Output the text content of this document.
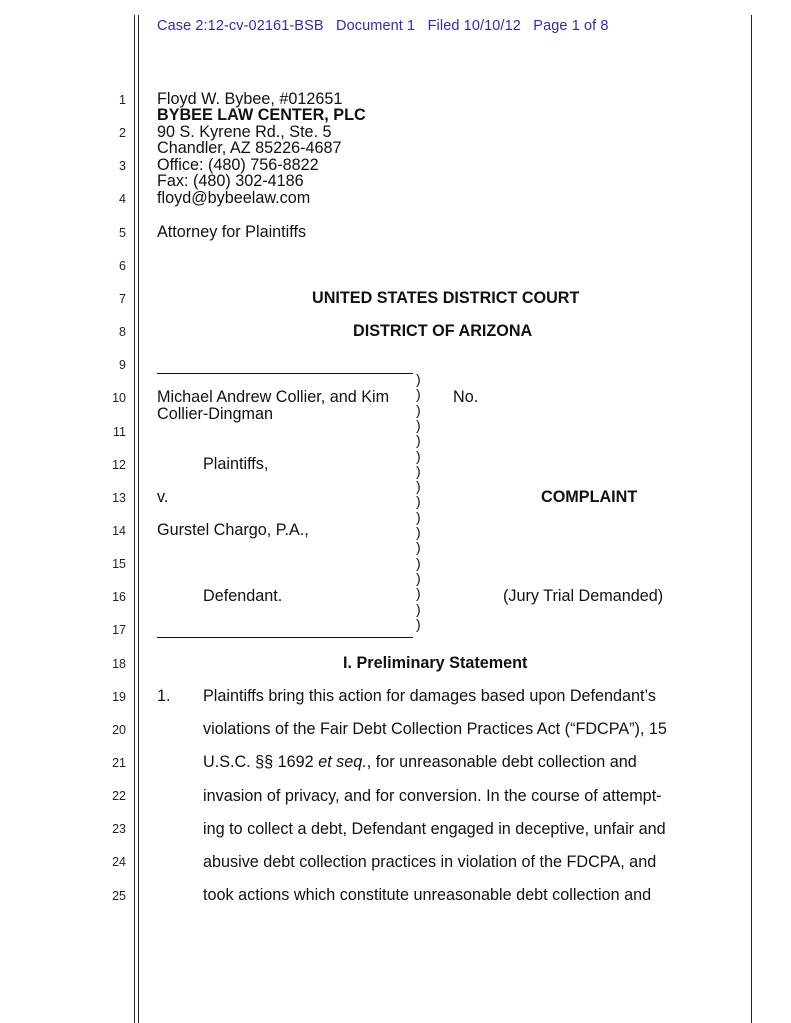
Case 2:12-cv-02161-BSB Document 1 Filed 10/10/12 Page 1 of 8
1
2
3
4
5
6
7
8
9
10
11
12
13
14
15
16
17
18
19
20
21
22
23
24
25
Floyd W. Bybee, #012651
BYBEE LAW CENTER, PLC
90 S. Kyrene Rd., Ste. 5
Chandler, AZ 85226-4687
Office: (480) 756-8822
Fax: (480) 302-4186
floyd@bybeelaw.com
Attorney for Plaintiffs
UNITED STATES DISTRICT COURT
DISTRICT OF ARIZONA
)
)
)
)
)
)
)
)
)
)
)
)
)
)
)
)
)
Michael Andrew Collier, and Kim
Collier-Dingman
Plaintiffs,
v.
Gurstel Chargo, P.A.,
Defendant.
No.
COMPLAINT
(Jury Trial Demanded)
I. Preliminary Statement
1. Plaintiffs bring this action for damages based upon Defendant’s
violations of the Fair Debt Collection Practices Act (“FDCPA”), 15
U.S.C. §§ 1692 et seq., for unreasonable debt collection and
invasion of privacy, and for conversion. In the course of attempt-
ing to collect a debt, Defendant engaged in deceptive, unfair and
abusive debt collection practices in violation of the FDCPA, and
took actions which constitute unreasonable debt collection and
